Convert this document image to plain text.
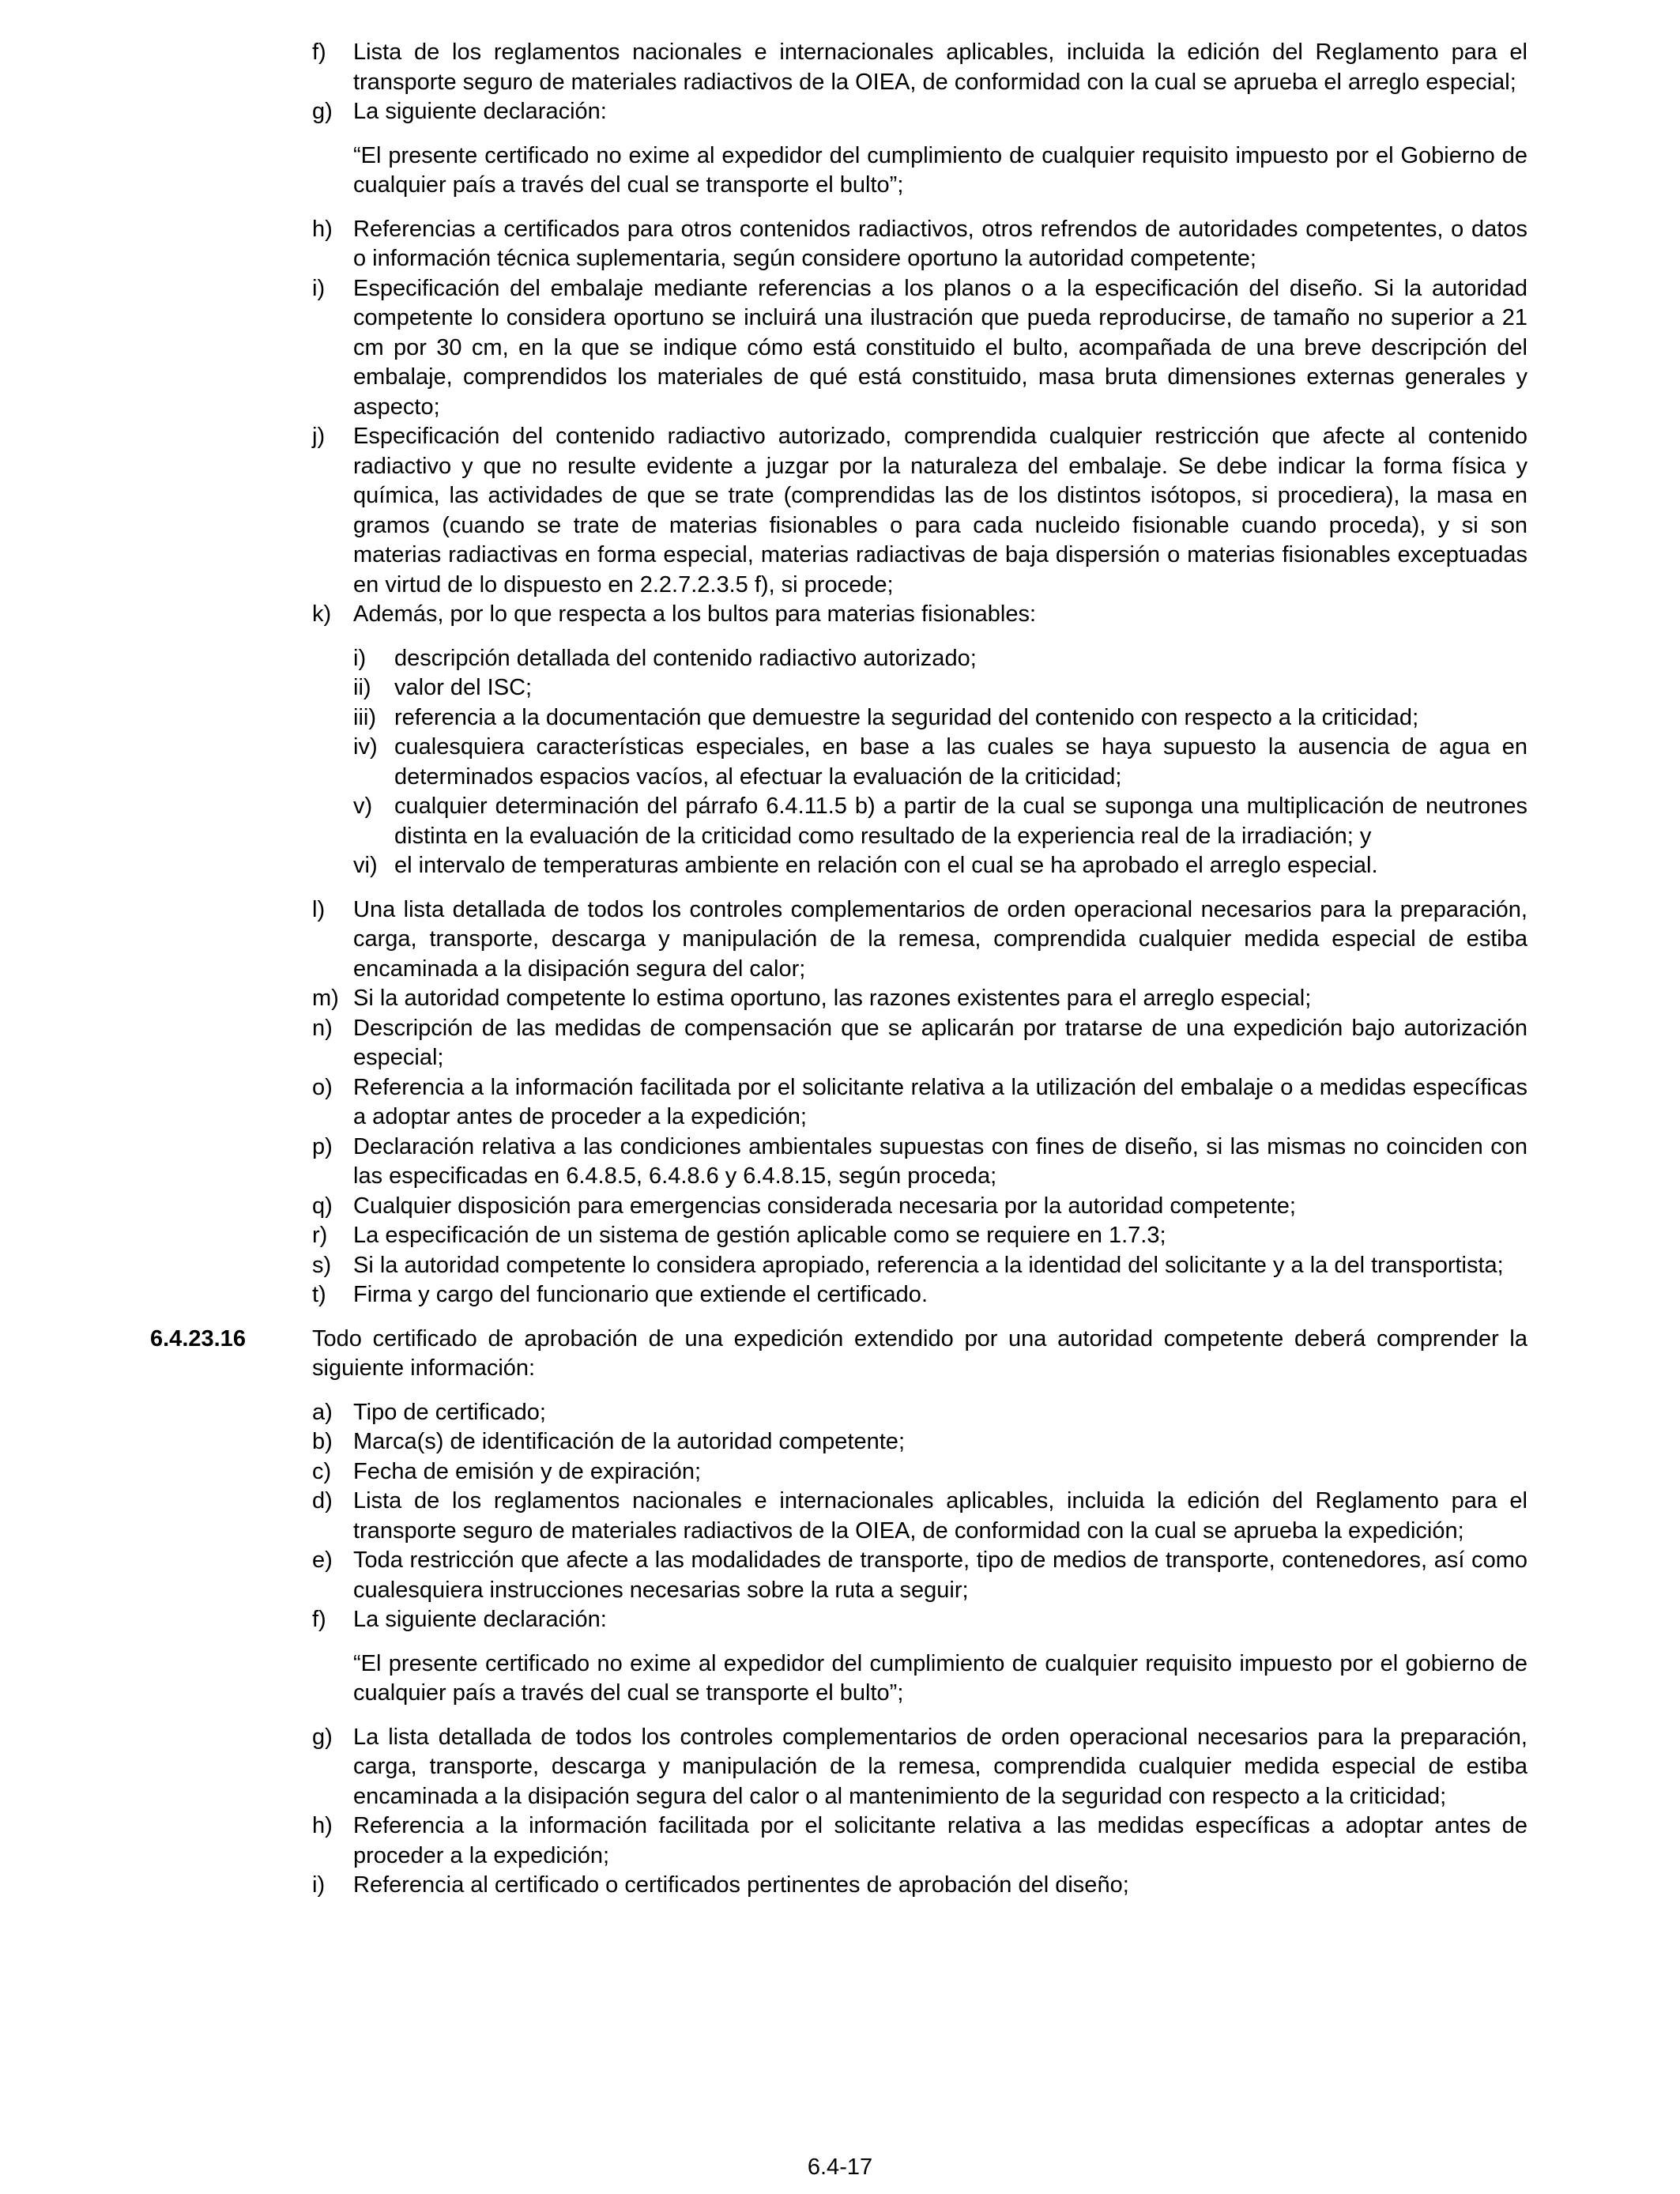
f)	Lista de los reglamentos nacionales e internacionales aplicables, incluida la edición del Reglamento para el transporte seguro de materiales radiactivos de la OIEA, de conformidad con la cual se aprueba el arreglo especial;
g) La siguiente declaración:
“El presente certificado no exime al expedidor del cumplimiento de cualquier requisito impuesto por el Gobierno de cualquier país a través del cual se transporte el bulto”;
h) Referencias a certificados para otros contenidos radiactivos, otros refrendos de autoridades competentes, o datos o información técnica suplementaria, según considere oportuno la autoridad competente;
i)	Especificación del embalaje mediante referencias a los planos o a la especificación del diseño. Si la autoridad competente lo considera oportuno se incluirá una ilustración que pueda reproducirse, de tamaño no superior a 21 cm por 30 cm, en la que se indique cómo está constituido el bulto, acompañada de una breve descripción del embalaje, comprendidos los materiales de qué está constituido, masa bruta dimensiones externas generales y aspecto;
j)	Especificación del contenido radiactivo autorizado, comprendida cualquier restricción que afecte al contenido radiactivo y que no resulte evidente a juzgar por la naturaleza del embalaje. Se debe indicar la forma física y química, las actividades de que se trate (comprendidas las de los distintos isótopos, si procediera), la masa en gramos (cuando se trate de materias fisionables o para cada nucleido fisionable cuando proceda), y si son materias radiactivas en forma especial, materias radiactivas de baja dispersión o materias fisionables exceptuadas en virtud de lo dispuesto en 2.2.7.2.3.5 f), si procede;
k) Además, por lo que respecta a los bultos para materias fisionables:
i)	descripción detallada del contenido radiactivo autorizado;
ii)	valor del ISC;
iii) referencia a la documentación que demuestre la seguridad del contenido con respecto a la criticidad;
iv) cualesquiera características especiales, en base a las cuales se haya supuesto la ausencia de agua en determinados espacios vacíos, al efectuar la evaluación de la criticidad;
v) cualquier determinación del párrafo 6.4.11.5 b) a partir de la cual se suponga una multiplicación de neutrones distinta en la evaluación de la criticidad como resultado de la experiencia real de la irradiación; y
vi) el intervalo de temperaturas ambiente en relación con el cual se ha aprobado el arreglo especial.
l)	Una lista detallada de todos los controles complementarios de orden operacional necesarios para la preparación, carga, transporte, descarga y manipulación de la remesa, comprendida cualquier medida especial de estiba encaminada a la disipación segura del calor;
m) Si la autoridad competente lo estima oportuno, las razones existentes para el arreglo especial;
n) Descripción de las medidas de compensación que se aplicarán por tratarse de una expedición bajo autorización especial;
o) Referencia a la información facilitada por el solicitante relativa a la utilización del embalaje o a medidas específicas a adoptar antes de proceder a la expedición;
p) Declaración relativa a las condiciones ambientales supuestas con fines de diseño, si las mismas no coinciden con las especificadas en 6.4.8.5, 6.4.8.6 y 6.4.8.15, según proceda;
q) Cualquier disposición para emergencias considerada necesaria por la autoridad competente;
r)	La especificación de un sistema de gestión aplicable como se requiere en 1.7.3;
s) Si la autoridad competente lo considera apropiado, referencia a la identidad del solicitante y a la del transportista;
t)	Firma y cargo del funcionario que extiende el certificado.
6.4.23.16	Todo certificado de aprobación de una expedición extendido por una autoridad competente deberá comprender la siguiente información:
a) Tipo de certificado;
b) Marca(s) de identificación de la autoridad competente;
c) Fecha de emisión y de expiración;
d) Lista de los reglamentos nacionales e internacionales aplicables, incluida la edición del Reglamento para el transporte seguro de materiales radiactivos de la OIEA, de conformidad con la cual se aprueba la expedición;
e) Toda restricción que afecte a las modalidades de transporte, tipo de medios de transporte, contenedores, así como cualesquiera instrucciones necesarias sobre la ruta a seguir;
f)	La siguiente declaración:
“El presente certificado no exime al expedidor del cumplimiento de cualquier requisito impuesto por el gobierno de cualquier país a través del cual se transporte el bulto”;
g) La lista detallada de todos los controles complementarios de orden operacional necesarios para la preparación, carga, transporte, descarga y manipulación de la remesa, comprendida cualquier medida especial de estiba encaminada a la disipación segura del calor o al mantenimiento de la seguridad con respecto a la criticidad;
h) Referencia a la información facilitada por el solicitante relativa a las medidas específicas a adoptar antes de proceder a la expedición;
i)	Referencia al certificado o certificados pertinentes de aprobación del diseño;
6.4-17
